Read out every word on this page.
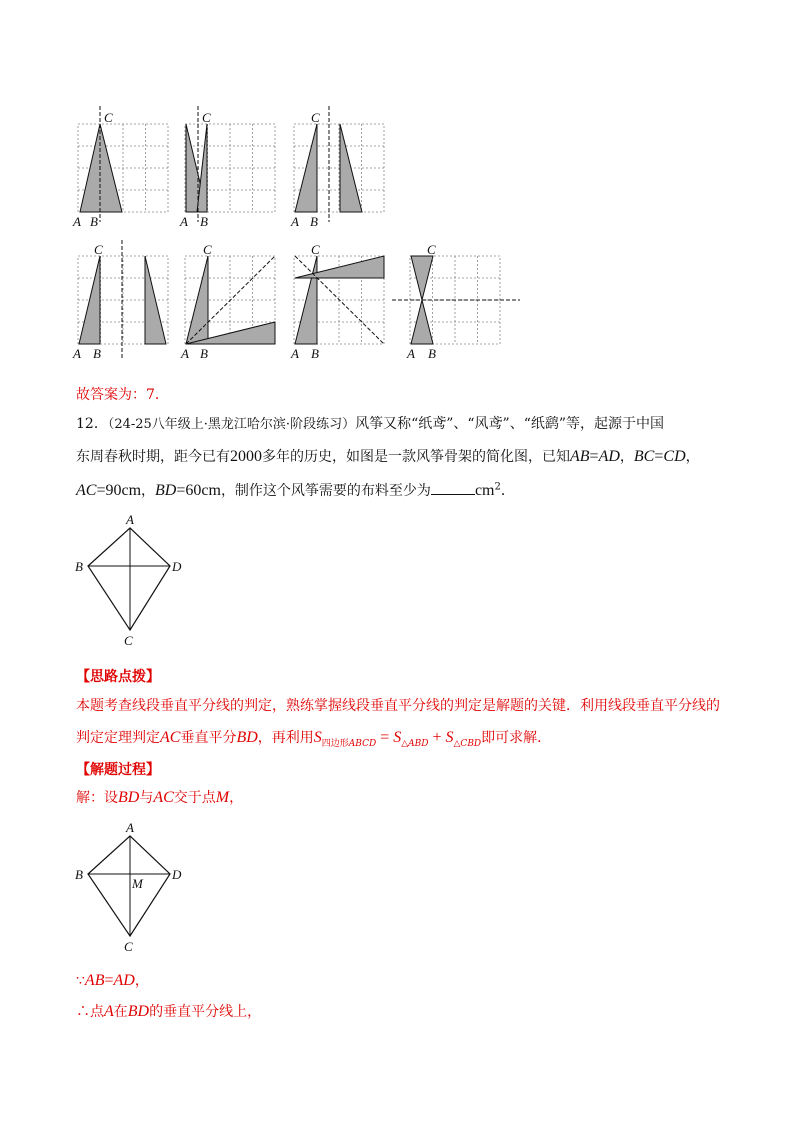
C
A B
C
A B
C
A B
C
A B
C
A B
C
A B
C
A B
故答案为：7．
12．（24-25八年级上·黑龙江哈尔滨·阶段练习）风筝又称“纸鸢”、“风鸢”、“纸鹞”等，起源于中国
东周春秋时期，距今已有2000多年的历史，如图是一款风筝骨架的简化图，已知AB=AD，BC=CD，
AC=90cm，BD=60cm，制作这个风筝需要的布料至少为	$cm^2$．
A
B	D
C
【思路点拨】
本题考查线段垂直平分线的判定，熟练掌握线段垂直平分线的判定是解题的关键．利用线段垂直平分线的
判定定理判定AC垂直平分BD，再利用$S_{四边形ABCD} = S_{\triangle ABD} + S_{\triangle CBD}$即可求解．
【解题过程】
解：设BD与AC交于点M，
A
B	D
M
C
∵AB=AD，
∴点A在BD的垂直平分线上，
